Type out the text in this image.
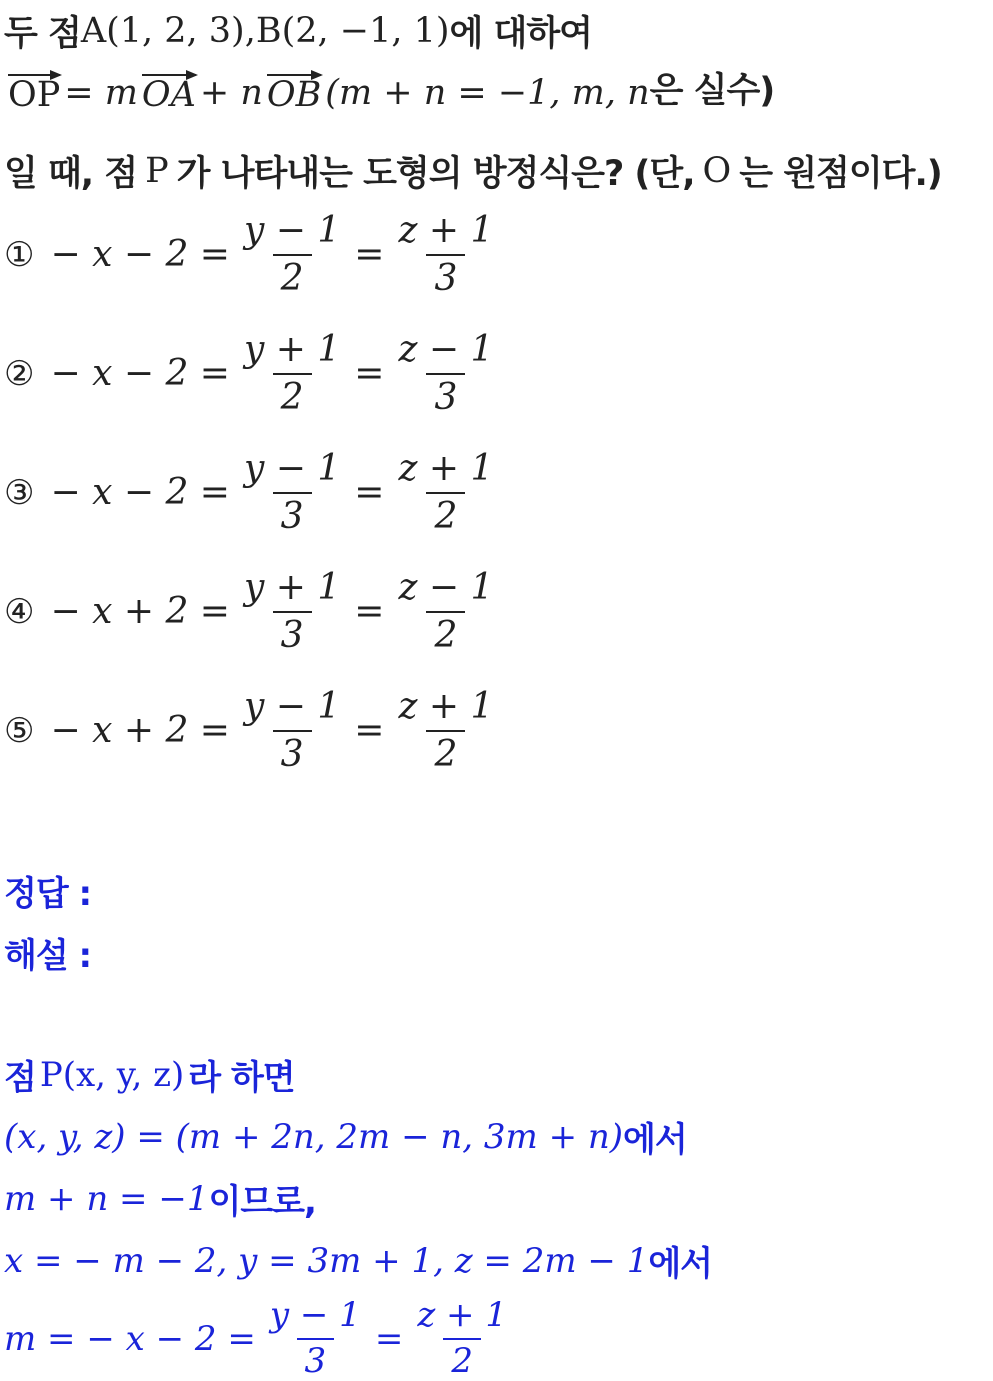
두 점 A(1, 2, 3), B(2, −1, 1) 에 대하여
OP = m OA + n OB (m + n = −1, m, n 은 실수)
일 때, 점 P 가 나타내는 도형의 방정식은? (단, O 는 원점이다.)
① − $x - 2 = \frac{y - 1}{2} = \frac{z + 1}{3}$
② − $x - 2 = \frac{y + 1}{2} = \frac{z - 1}{3}$
③ − $x - 2 = \frac{y - 1}{3} = \frac{z + 1}{2}$
④ − $x + 2 = \frac{y + 1}{3} = \frac{z - 1}{2}$
⑤ − $x + 2 = \frac{y - 1}{3} = \frac{z + 1}{2}$
정답 :
해설 :
점 P(x, y, z) 라 하면
(x, y, z) = (m + 2n, 2m − n, 3m + n) 에서
m + n = −1 이므로,
x = − m − 2, y = 3m + 1, z = 2m − 1 에서
m = − $x - 2 = \frac{y - 1}{3} = \frac{z + 1}{2}$
